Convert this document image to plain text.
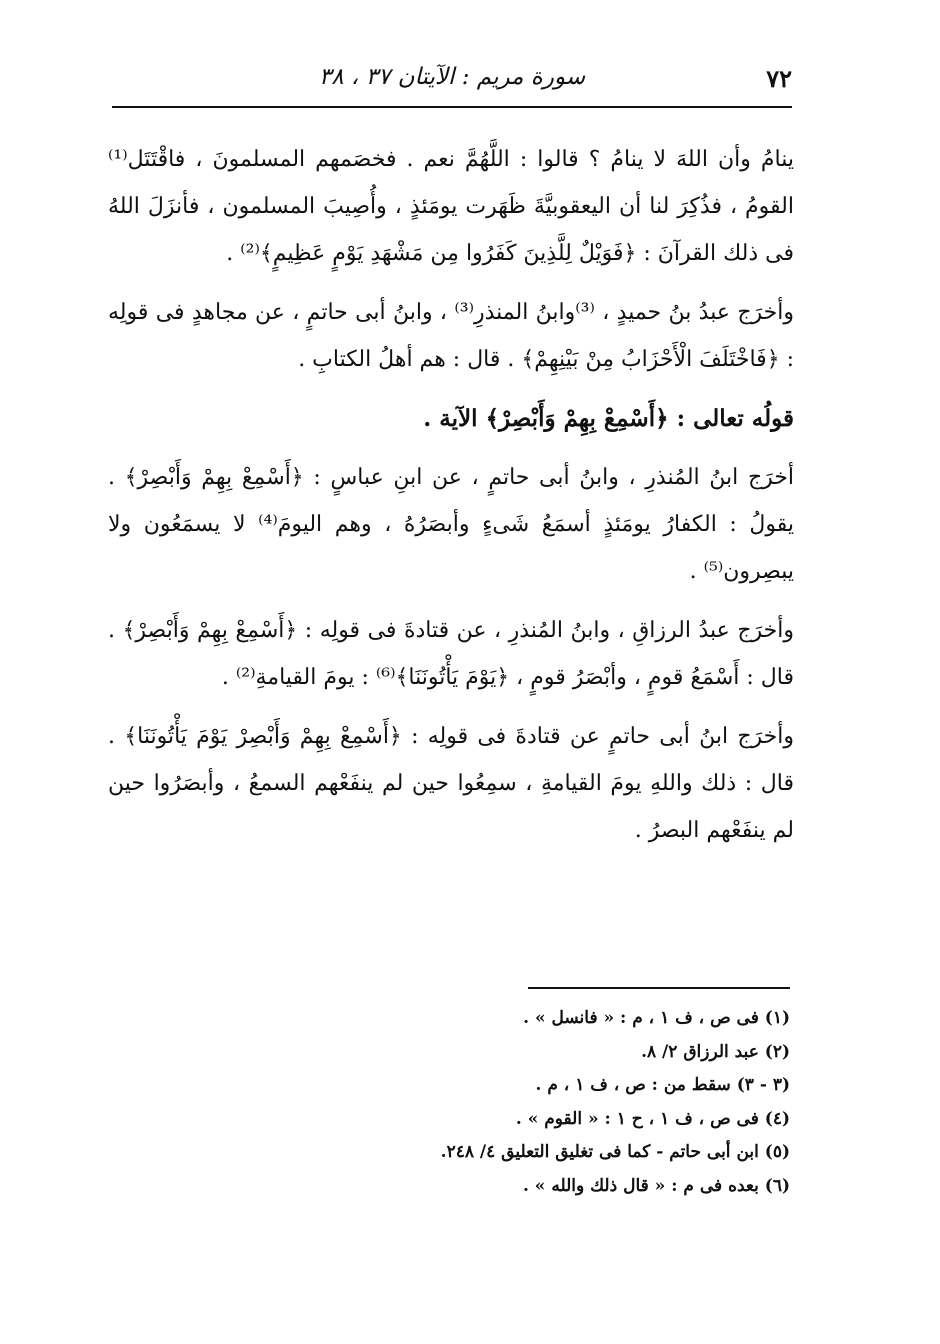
٧٢
سورة مريم : الآيتان ٣٧ ، ٣٨

ينامُ وأن اللهَ لا ينامُ ؟ قالوا : اللَّهُمَّ نعم . فخصَمهم المسلمونَ ، فاقْتَتَل⁽¹⁾ القومُ ، فذُكِرَ لنا أن اليعقوبيَّةَ ظَهَرت يومَئذٍ ، وأُصِيبَ المسلمون ، فأنزَلَ اللهُ فى ذلك القرآنَ : ﴿فَوَيْلٌ لِلَّذِينَ كَفَرُوا مِن مَشْهَدِ يَوْمٍ عَظِيمٍ﴾⁽²⁾ .

وأخرَج عبدُ بنُ حميدٍ ، ⁽³⁾وابنُ المنذرِ⁽³⁾ ، وابنُ أبى حاتمٍ ، عن مجاهدٍ فى قولِه : ﴿فَاخْتَلَفَ الْأَحْزَابُ مِنْ بَيْنِهِمْ﴾ . قال : هم أهلُ الكتابِ .

قولُه تعالى : ﴿أَسْمِعْ بِهِمْ وَأَبْصِرْ﴾ الآية .

أخرَج ابنُ المُنذرِ ، وابنُ أبى حاتمٍ ، عن ابنِ عباسٍ : ﴿أَسْمِعْ بِهِمْ وَأَبْصِرْ﴾ . يقولُ : الكفارُ يومَئذٍ أسمَعُ شَىءٍ وأبصَرُهُ ، وهم اليومَ⁽⁴⁾ لا يسمَعُون ولا يبصِرون⁽⁵⁾ .

وأخرَج عبدُ الرزاقِ ، وابنُ المُنذرِ ، عن قتادةَ فى قولِه : ﴿أَسْمِعْ بِهِمْ وَأَبْصِرْ﴾ . قال : أَسْمَعُ قومٍ ، وأبْصَرُ قومٍ ، ﴿يَوْمَ يَأْتُونَنَا﴾⁽⁶⁾ : يومَ القيامةِ⁽²⁾ .

وأخرَج ابنُ أبى حاتمٍ عن قتادةَ فى قولِه : ﴿أَسْمِعْ بِهِمْ وَأَبْصِرْ يَوْمَ يَأْتُونَنَا﴾ . قال : ذلك واللهِ يومَ القيامةِ ، سمِعُوا حين لم ينفَعْهم السمعُ ، وأبصَرُوا حين لم ينفَعْهم البصرُ .

(١) فى ص ، ف ١ ، م : « فانسل » .
(٢) عبد الرزاق ٢/ ٨.
(٣ - ٣) سقط من : ص ، ف ١ ، م .
(٤) فى ص ، ف ١ ، ح ١ : « القوم » .
(٥) ابن أبى حاتم - كما فى تغليق التعليق ٤/ ٢٤٨.
(٦) بعده فى م : « قال ذلك والله » .
